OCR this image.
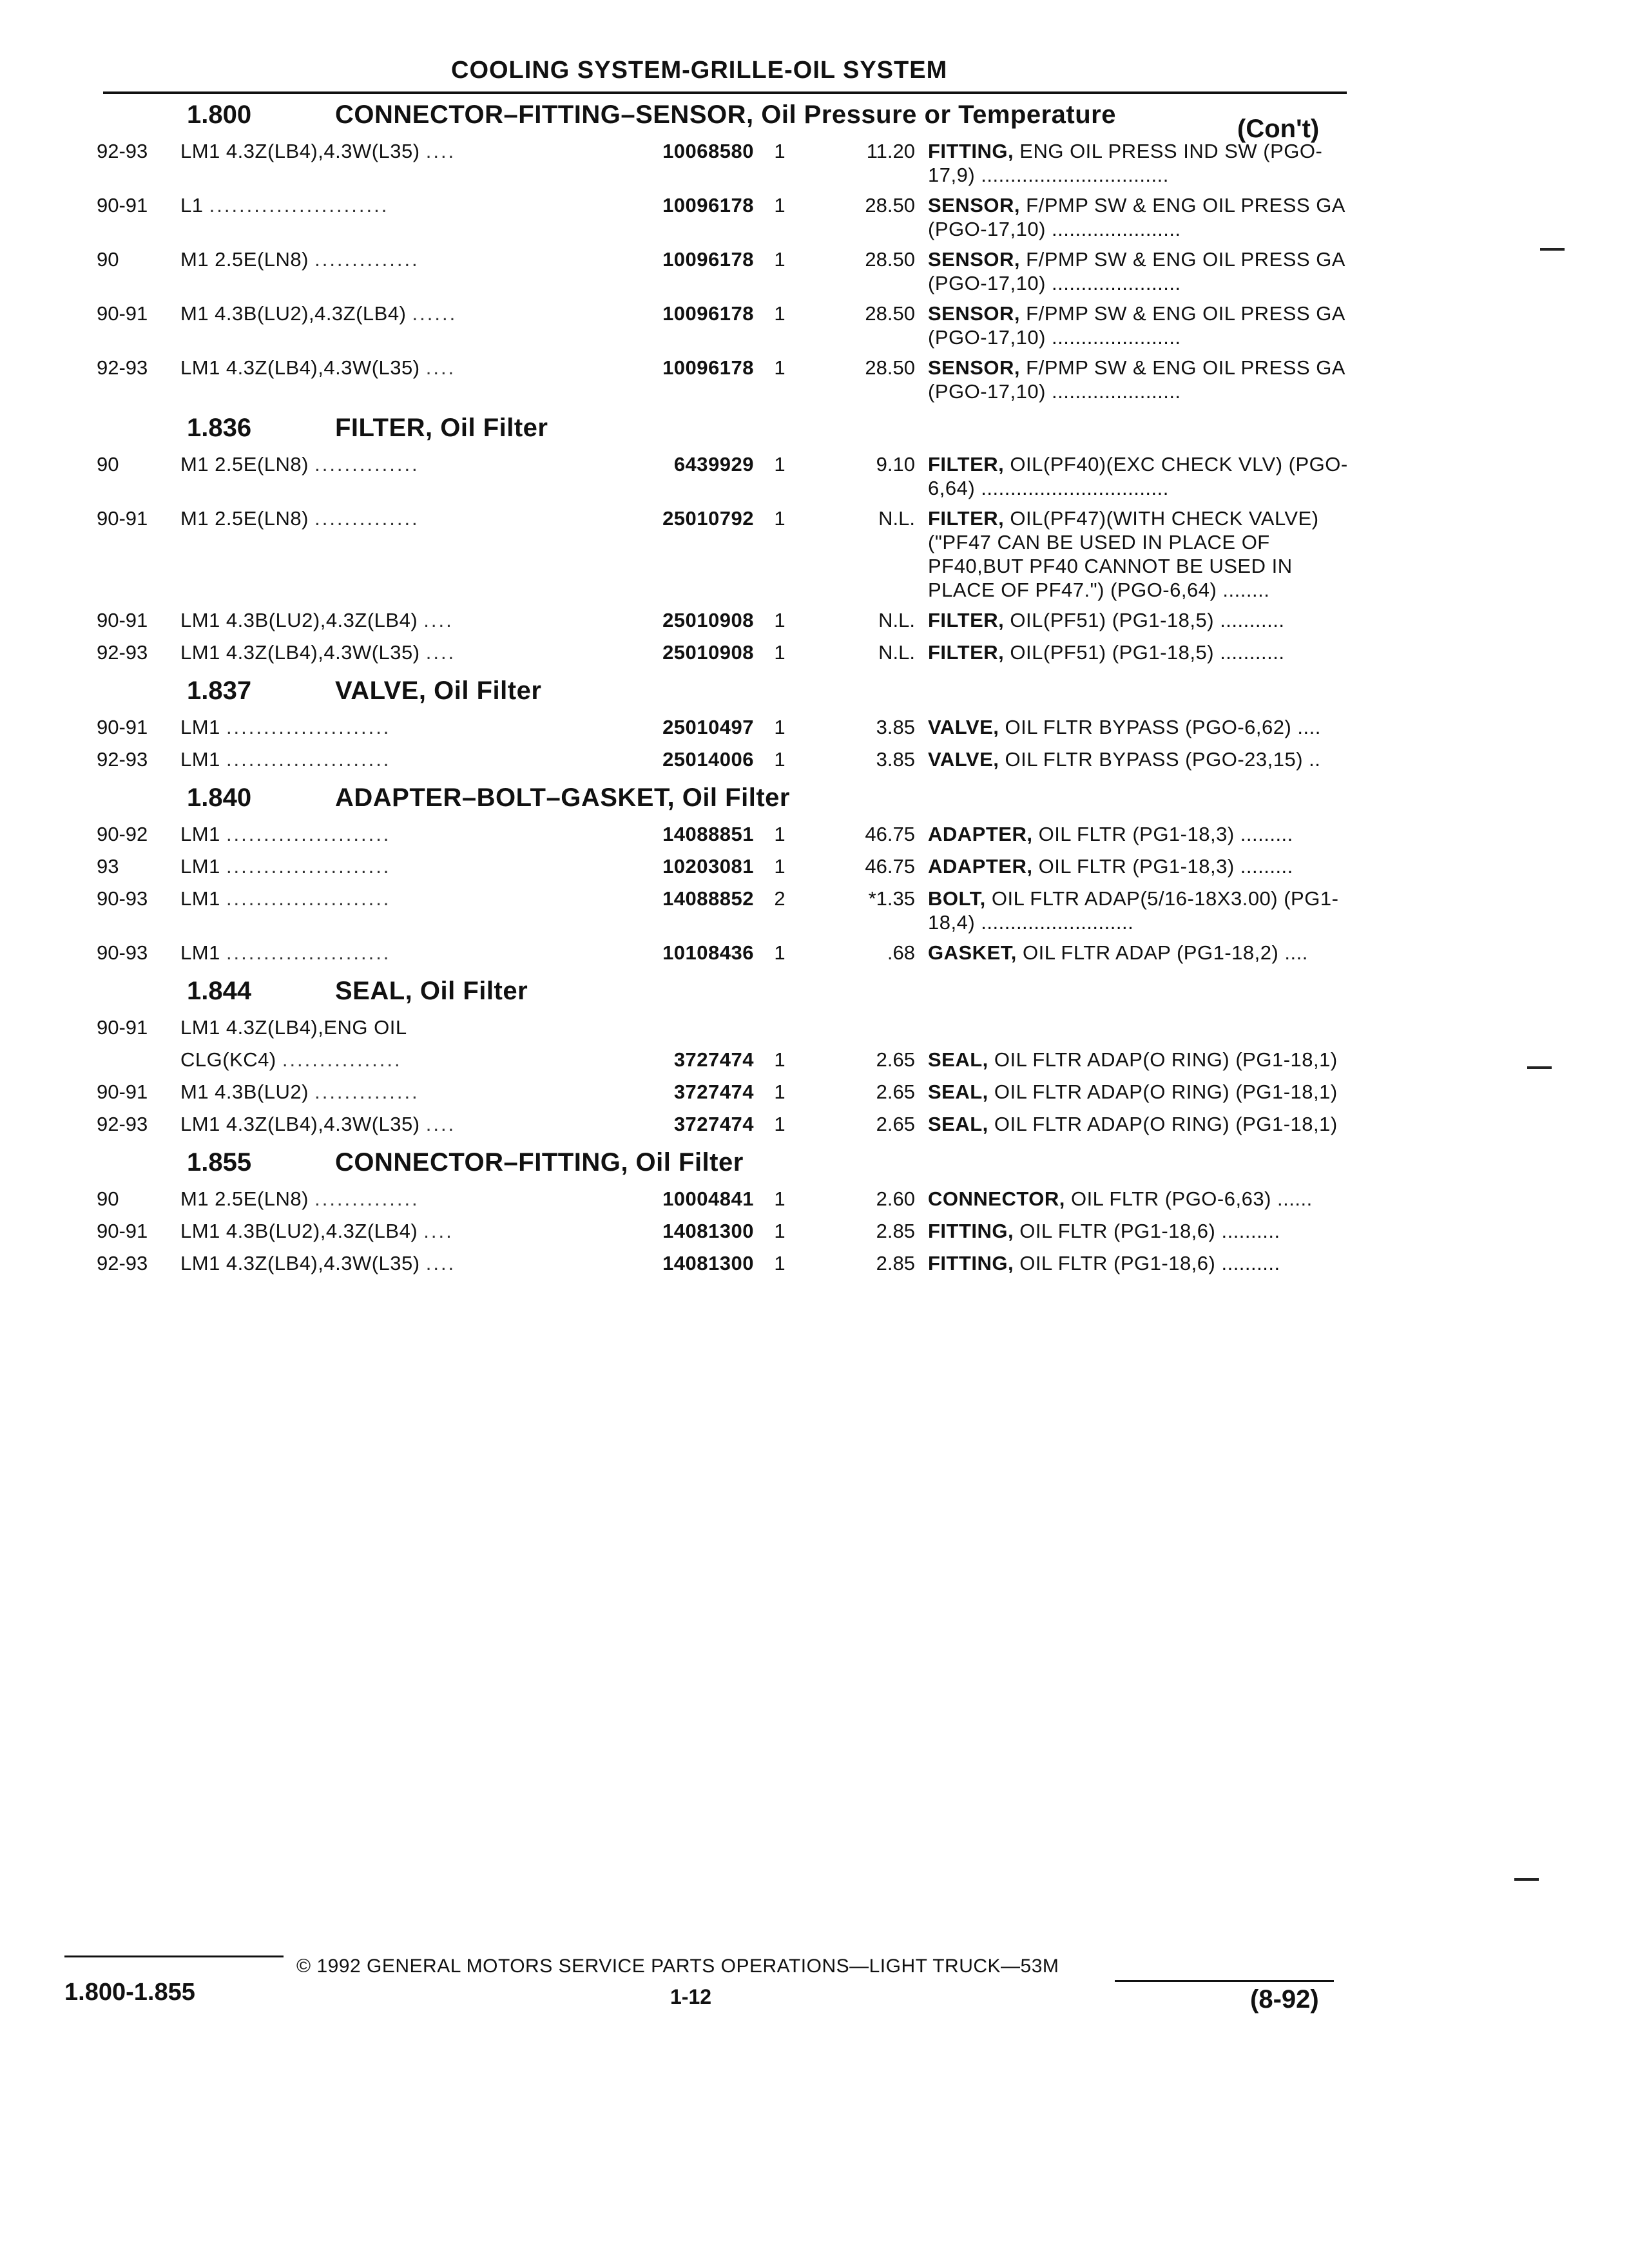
COOLING SYSTEM-GRILLE-OIL SYSTEM
1.800	CONNECTOR–FITTING–SENSOR, Oil Pressure or Temperature	(Con't)
92-93	LM1 4.3Z(LB4),4.3W(L35) ....	10068580	1	11.20 FITTING, ENG OIL PRESS IND SW (PGO-17,9) ................................
90-91	L1 ........................	10096178	1	28.50 SENSOR, F/PMP SW & ENG OIL PRESS GA (PGO-17,10) ......................
90	M1 2.5E(LN8) ..............	10096178	1	28.50 SENSOR, F/PMP SW & ENG OIL PRESS GA (PGO-17,10) ......................
90-91	M1 4.3B(LU2),4.3Z(LB4) ......	10096178	1	28.50 SENSOR, F/PMP SW & ENG OIL PRESS GA (PGO-17,10) ......................
92-93	LM1 4.3Z(LB4),4.3W(L35) ....	10096178	1	28.50 SENSOR, F/PMP SW & ENG OIL PRESS GA (PGO-17,10) ......................
1.836	FILTER, Oil Filter
90	M1 2.5E(LN8) ..............	6439929	1	9.10 FILTER, OIL(PF40)(EXC CHECK VLV) (PGO-6,64) ................................
90-91	M1 2.5E(LN8) ..............	25010792	1	N.L. FILTER, OIL(PF47)(WITH CHECK VALVE) ("PF47 CAN BE USED IN PLACE OF PF40,BUT PF40 CANNOT BE USED IN PLACE OF PF47.") (PGO-6,64) ........
90-91	LM1 4.3B(LU2),4.3Z(LB4) ....	25010908	1	N.L. FILTER, OIL(PF51) (PG1-18,5) ...........
92-93	LM1 4.3Z(LB4),4.3W(L35) ....	25010908	1	N.L. FILTER, OIL(PF51) (PG1-18,5) ...........
1.837	VALVE, Oil Filter
90-91	LM1 ......................	25010497	1	3.85 VALVE, OIL FLTR BYPASS (PGO-6,62) ....
92-93	LM1 ......................	25014006	1	3.85 VALVE, OIL FLTR BYPASS (PGO-23,15) ..
1.840	ADAPTER–BOLT–GASKET, Oil Filter
90-92	LM1 ......................	14088851	1	46.75 ADAPTER, OIL FLTR (PG1-18,3) .........
93	LM1 ......................	10203081	1	46.75 ADAPTER, OIL FLTR (PG1-18,3) .........
90-93	LM1 ......................	14088852	2	*1.35 BOLT, OIL FLTR ADAP(5/16-18X3.00) (PG1-18,4) ..........................
90-93	LM1 ......................	10108436	1	.68 GASKET, OIL FLTR ADAP (PG1-18,2) ....
1.844	SEAL, Oil Filter
90-91	LM1 4.3Z(LB4),ENG OIL
CLG(KC4) ................	3727474	1	2.65 SEAL, OIL FLTR ADAP(O RING) (PG1-18,1)
90-91	M1 4.3B(LU2) ..............	3727474	1	2.65 SEAL, OIL FLTR ADAP(O RING) (PG1-18,1)
92-93	LM1 4.3Z(LB4),4.3W(L35) ....	3727474	1	2.65 SEAL, OIL FLTR ADAP(O RING) (PG1-18,1)
1.855	CONNECTOR–FITTING, Oil Filter
90	M1 2.5E(LN8) ..............	10004841	1	2.60 CONNECTOR, OIL FLTR (PGO-6,63) ......
90-91	LM1 4.3B(LU2),4.3Z(LB4) ....	14081300	1	2.85 FITTING, OIL FLTR (PG1-18,6) ..........
92-93	LM1 4.3Z(LB4),4.3W(L35) ....	14081300	1	2.85 FITTING, OIL FLTR (PG1-18,6) ..........
1.800-1.855
© 1992 GENERAL MOTORS SERVICE PARTS OPERATIONS—LIGHT TRUCK—53M
1-12	(8-92)
